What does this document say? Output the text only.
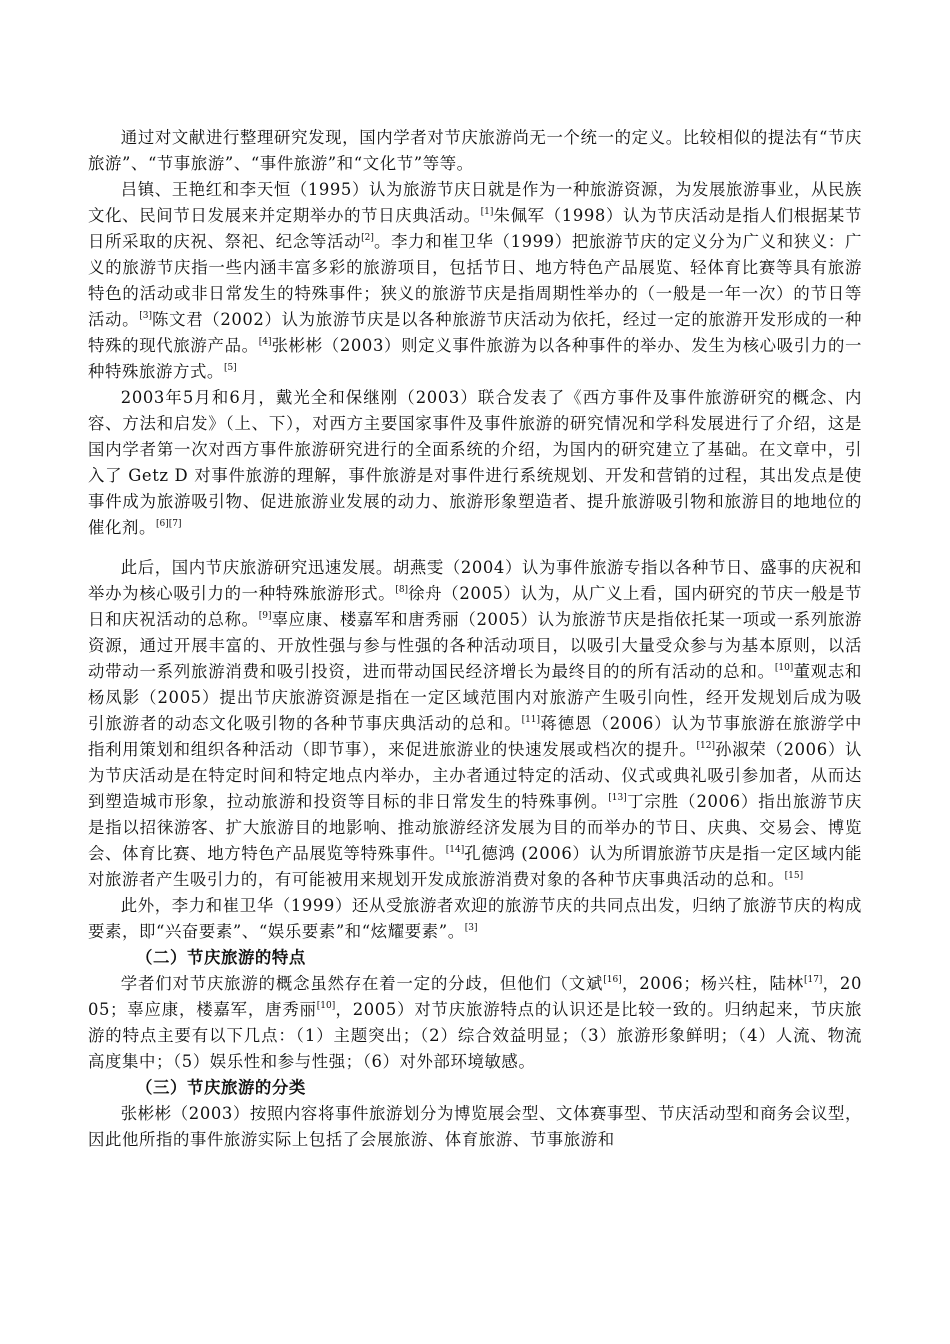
通过对文献进行整理研究发现，国内学者对节庆旅游尚无一个统一的定义。比较相似的提法有“节庆旅游”、“节事旅游”、“事件旅游”和“文化节”等等。

吕镇、王艳红和李天恒（1995）认为旅游节庆日就是作为一种旅游资源，为发展旅游事业，从民族文化、民间节日发展来并定期举办的节日庆典活动。[1]朱佩军（1998）认为节庆活动是指人们根据某节日所采取的庆祝、祭祀、纪念等活动[2]。李力和崔卫华（1999）把旅游节庆的定义分为广义和狭义：广义的旅游节庆指一些内涵丰富多彩的旅游项目，包括节日、地方特色产品展览、轻体育比赛等具有旅游特色的活动或非日常发生的特殊事件；狭义的旅游节庆是指周期性举办的（一般是一年一次）的节日等活动。[3]陈文君（2002）认为旅游节庆是以各种旅游节庆活动为依托，经过一定的旅游开发形成的一种特殊的现代旅游产品。[4]张彬彬（2003）则定义事件旅游为以各种事件的举办、发生为核心吸引力的一种特殊旅游方式。[5]

2003年5月和6月，戴光全和保继刚（2003）联合发表了《西方事件及事件旅游研究的概念、内容、方法和启发》（上、下），对西方主要国家事件及事件旅游的研究情况和学科发展进行了介绍，这是国内学者第一次对西方事件旅游研究进行的全面系统的介绍，为国内的研究建立了基础。在文章中，引入了 Getz D 对事件旅游的理解，事件旅游是对事件进行系统规划、开发和营销的过程，其出发点是使事件成为旅游吸引物、促进旅游业发展的动力、旅游形象塑造者、提升旅游吸引物和旅游目的地地位的催化剂。[6][7]

此后，国内节庆旅游研究迅速发展。胡燕雯（2004）认为事件旅游专指以各种节日、盛事的庆祝和举办为核心吸引力的一种特殊旅游形式。[8]徐舟（2005）认为，从广义上看，国内研究的节庆一般是节日和庆祝活动的总称。[9]辜应康、楼嘉军和唐秀丽（2005）认为旅游节庆是指依托某一项或一系列旅游资源，通过开展丰富的、开放性强与参与性强的各种活动项目，以吸引大量受众参与为基本原则，以活动带动一系列旅游消费和吸引投资，进而带动国民经济增长为最终目的的所有活动的总和。[10]董观志和杨凤影（2005）提出节庆旅游资源是指在一定区域范围内对旅游产生吸引向性，经开发规划后成为吸引旅游者的动态文化吸引物的各种节事庆典活动的总和。[11]蒋德恩（2006）认为节事旅游在旅游学中指利用策划和组织各种活动（即节事），来促进旅游业的快速发展或档次的提升。[12]孙淑荣（2006）认为节庆活动是在特定时间和特定地点内举办，主办者通过特定的活动、仪式或典礼吸引参加者，从而达到塑造城市形象，拉动旅游和投资等目标的非日常发生的特殊事例。[13]丁宗胜（2006）指出旅游节庆是指以招徕游客、扩大旅游目的地影响、推动旅游经济发展为目的而举办的节日、庆典、交易会、博览会、体育比赛、地方特色产品展览等特殊事件。[14]孔德鸿 (2006）认为所谓旅游节庆是指一定区域内能对旅游者产生吸引力的，有可能被用来规划开发成旅游消费对象的各种节庆事典活动的总和。[15]

此外，李力和崔卫华（1999）还从受旅游者欢迎的旅游节庆的共同点出发，归纳了旅游节庆的构成要素，即“兴奋要素”、“娱乐要素”和“炫耀要素”。[3]

（二）节庆旅游的特点

学者们对节庆旅游的概念虽然存在着一定的分歧，但他们（文斌[16]，2006；杨兴柱，陆林[17]，2005；辜应康，楼嘉军，唐秀丽[10]，2005）对节庆旅游特点的认识还是比较一致的。归纳起来，节庆旅游的特点主要有以下几点：（1）主题突出；（2）综合效益明显；（3）旅游形象鲜明；（4）人流、物流高度集中；（5）娱乐性和参与性强；（6）对外部环境敏感。

（三）节庆旅游的分类

张彬彬（2003）按照内容将事件旅游划分为博览展会型、文体赛事型、节庆活动型和商务会议型，因此他所指的事件旅游实际上包括了会展旅游、体育旅游、节事旅游和
